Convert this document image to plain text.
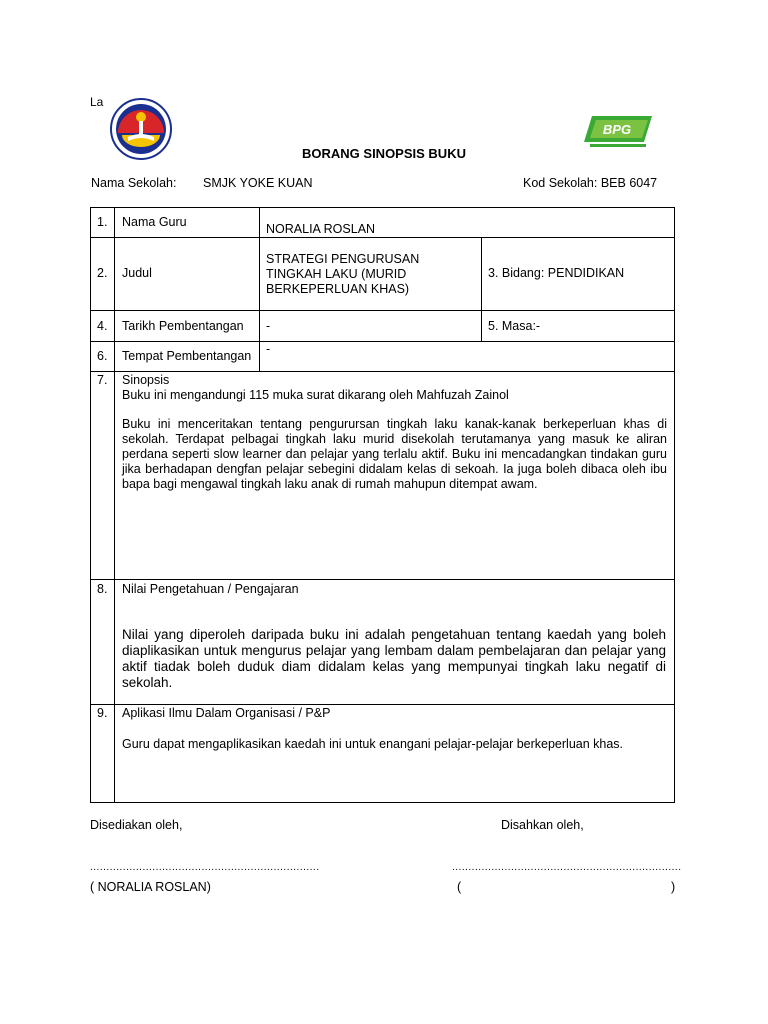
La
BPG
BORANG SINOPSIS BUKU
Nama Sekolah: SMJK YOKE KUAN	Kod Sekolah: BEB 6047
1. Nama Guru	NORALIA ROSLAN
2. Judul
STRATEGI PENGURUSAN
TINGKAH LAKU (MURID
BERKEPERLUAN KHAS)
3. Bidang: PENDIDIKAN
4. Tarikh Pembentangan -	5. Masa:-
6. Tempat Pembentangan -
7. Sinopsis
Buku ini mengandungi 115 muka surat dikarang oleh Mahfuzah Zainol
Buku ini menceritakan tentang pengurursan tingkah laku kanak-kanak berkeperluan khas di sekolah. Terdapat pelbagai tingkah laku murid disekolah terutamanya yang masuk ke aliran perdana seperti slow learner dan pelajar yang terlalu aktif. Buku ini mencadangkan tindakan guru jika berhadapan dengfan pelajar sebegini didalam kelas di sekoah. Ia juga boleh dibaca oleh ibu bapa bagi mengawal tingkah laku anak di rumah mahupun ditempat awam.
8. Nilai Pengetahuan / Pengajaran
Nilai yang diperoleh daripada buku ini adalah pengetahuan tentang kaedah yang boleh diaplikasikan untuk mengurus pelajar yang lembam dalam pembelajaran dan pelajar yang aktif tiadak boleh duduk diam didalam kelas yang mempunyai tingkah laku negatif di sekolah.
9. Aplikasi Ilmu Dalam Organisasi / P&P
Guru dapat mengaplikasikan kaedah ini untuk enangani pelajar-pelajar berkeperluan khas.
Disediakan oleh,	Disahkan oleh,
......................................................................	......................................................................
( NORALIA ROSLAN)	(	)
